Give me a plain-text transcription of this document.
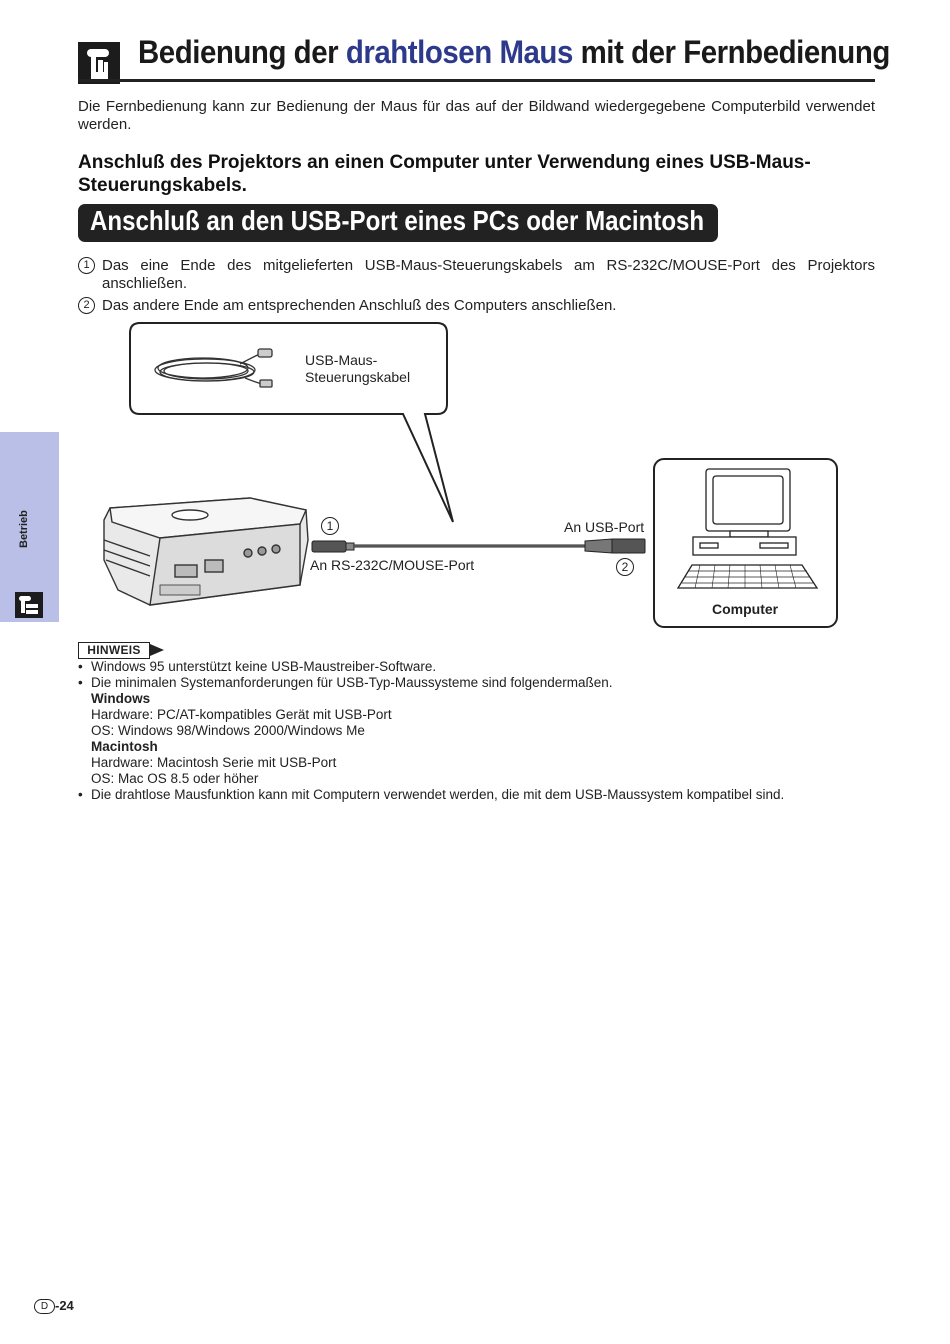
Bedienung der drahtlosen Maus mit der Fernbedienung
Die Fernbedienung kann zur Bedienung der Maus für das auf der Bildwand wiedergegebene Computerbild verwendet werden.
Anschluß des Projektors an einen Computer unter Verwendung eines USB-Maus-Steuerungskabels.
Anschluß an den USB-Port eines PCs oder Macintosh
1 Das eine Ende des mitgelieferten USB-Maus-Steuerungskabels am RS-232C/MOUSE-Port des Projektors anschließen.
2 Das andere Ende am entsprechenden Anschluß des Computers anschließen.
USB-Maus-
Steuerungskabel
1
An RS-232C/MOUSE-Port
An USB-Port
2
Computer
Betrieb
HINWEIS
• Windows 95 unterstützt keine USB-Maustreiber-Software.
• Die minimalen Systemanforderungen für USB-Typ-Maussysteme sind folgendermaßen.
Windows
Hardware: PC/AT-kompatibles Gerät mit USB-Port
OS: Windows 98/Windows 2000/Windows Me
Macintosh
Hardware: Macintosh Serie mit USB-Port
OS: Mac OS 8.5 oder höher
• Die drahtlose Mausfunktion kann mit Computern verwendet werden, die mit dem USB-Maussystem kompatibel sind.
D -24
